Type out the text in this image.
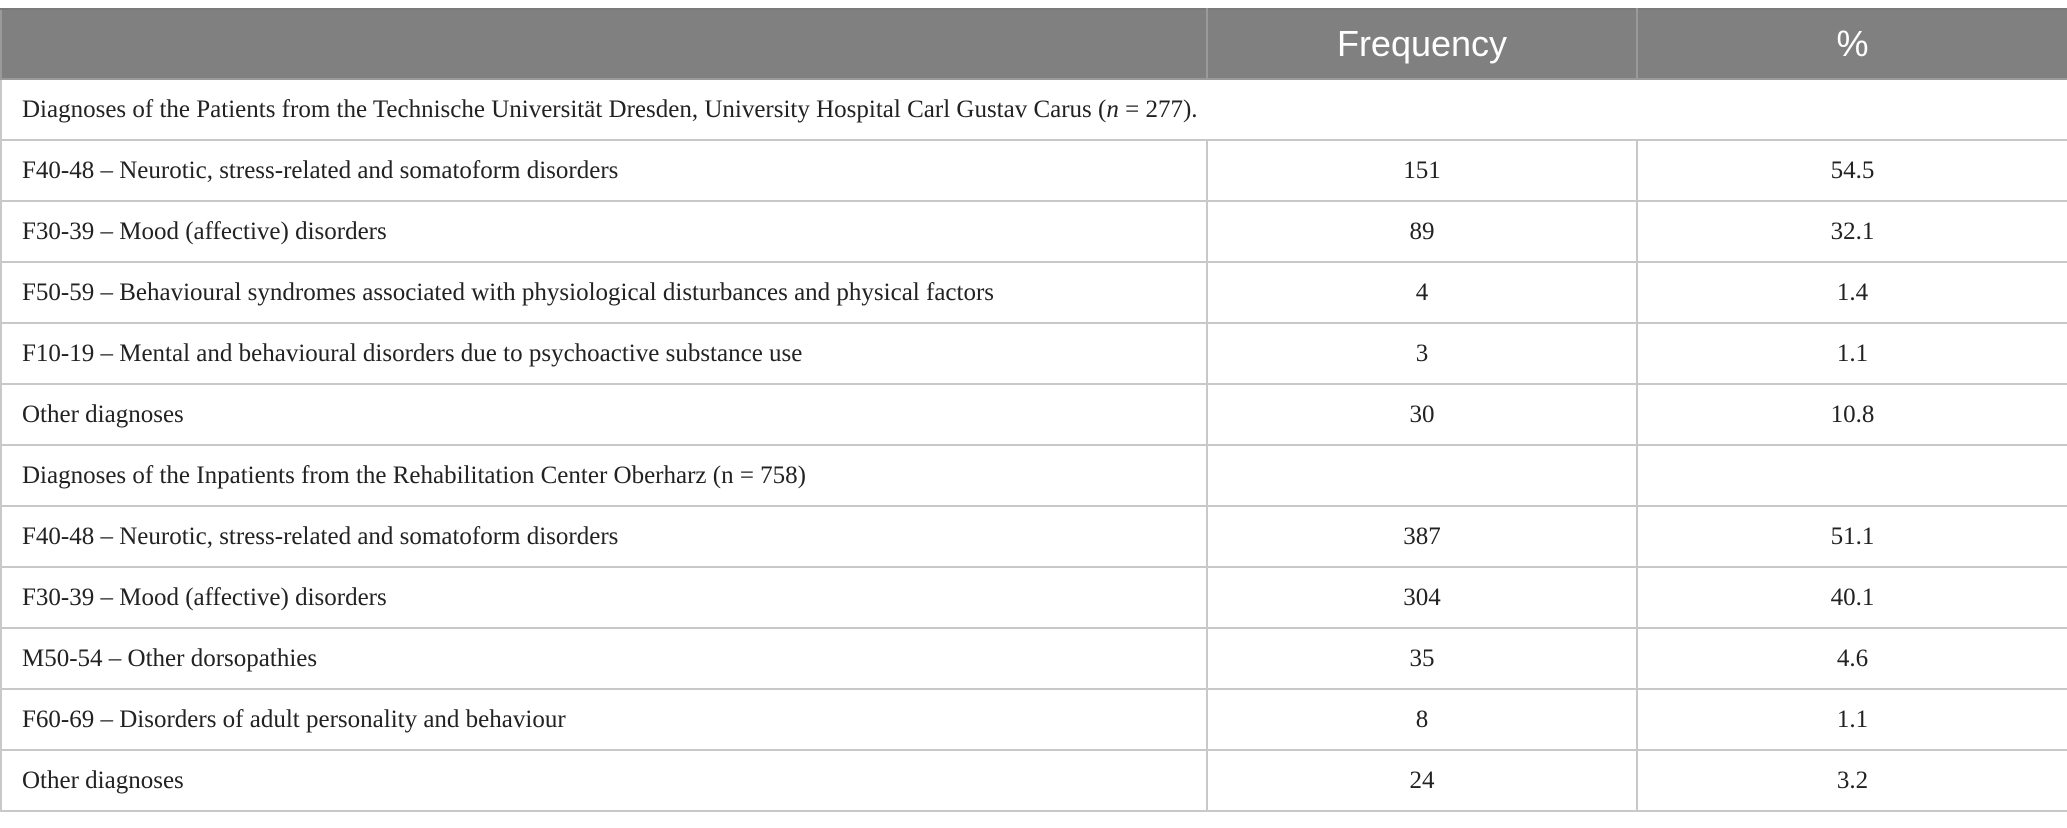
	Frequency	%
Diagnoses of the Patients from the Technische Universität Dresden, University Hospital Carl Gustav Carus (n = 277).		
F40-48 – Neurotic, stress-related and somatoform disorders	151	54.5
F30-39 – Mood (affective) disorders	89	32.1
F50-59 – Behavioural syndromes associated with physiological disturbances and physical factors	4	1.4
F10-19 – Mental and behavioural disorders due to psychoactive substance use	3	1.1
Other diagnoses	30	10.8
Diagnoses of the Inpatients from the Rehabilitation Center Oberharz (n = 758)		
F40-48 – Neurotic, stress-related and somatoform disorders	387	51.1
F30-39 – Mood (affective) disorders	304	40.1
M50-54 – Other dorsopathies	35	4.6
F60-69 – Disorders of adult personality and behaviour	8	1.1
Other diagnoses	24	3.2
